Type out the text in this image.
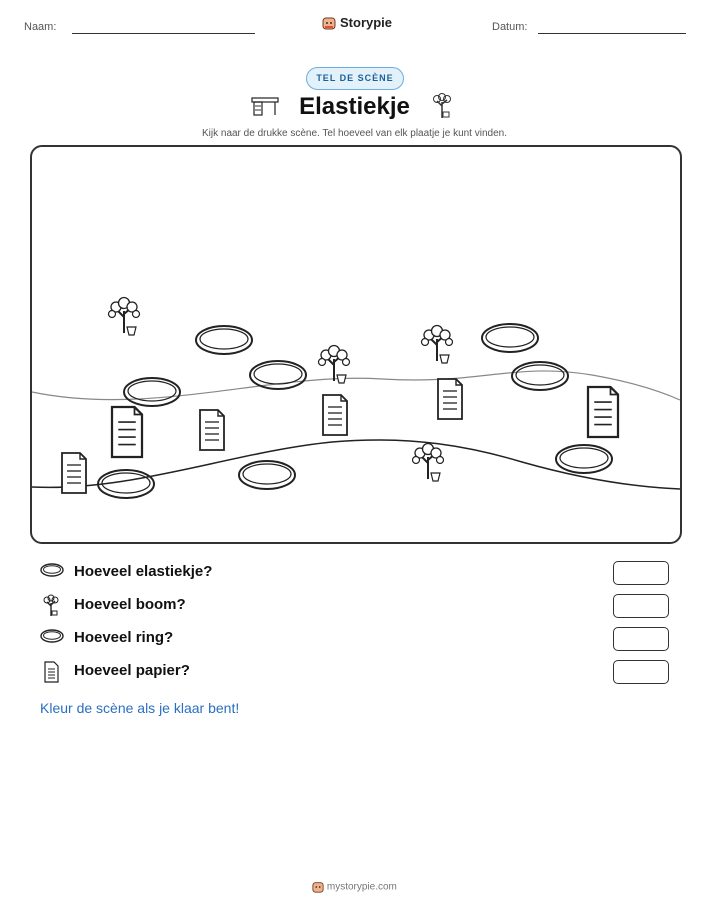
Naam:	Storypie	Datum:
TEL DE SCÈNE
Elastiekje
Kijk naar de drukke scène. Tel hoeveel van elk plaatje je kunt vinden.
Hoeveel elastiekje?
Hoeveel boom?
Hoeveel ring?
Hoeveel papier?
Kleur de scène als je klaar bent!
mystorypie.com
